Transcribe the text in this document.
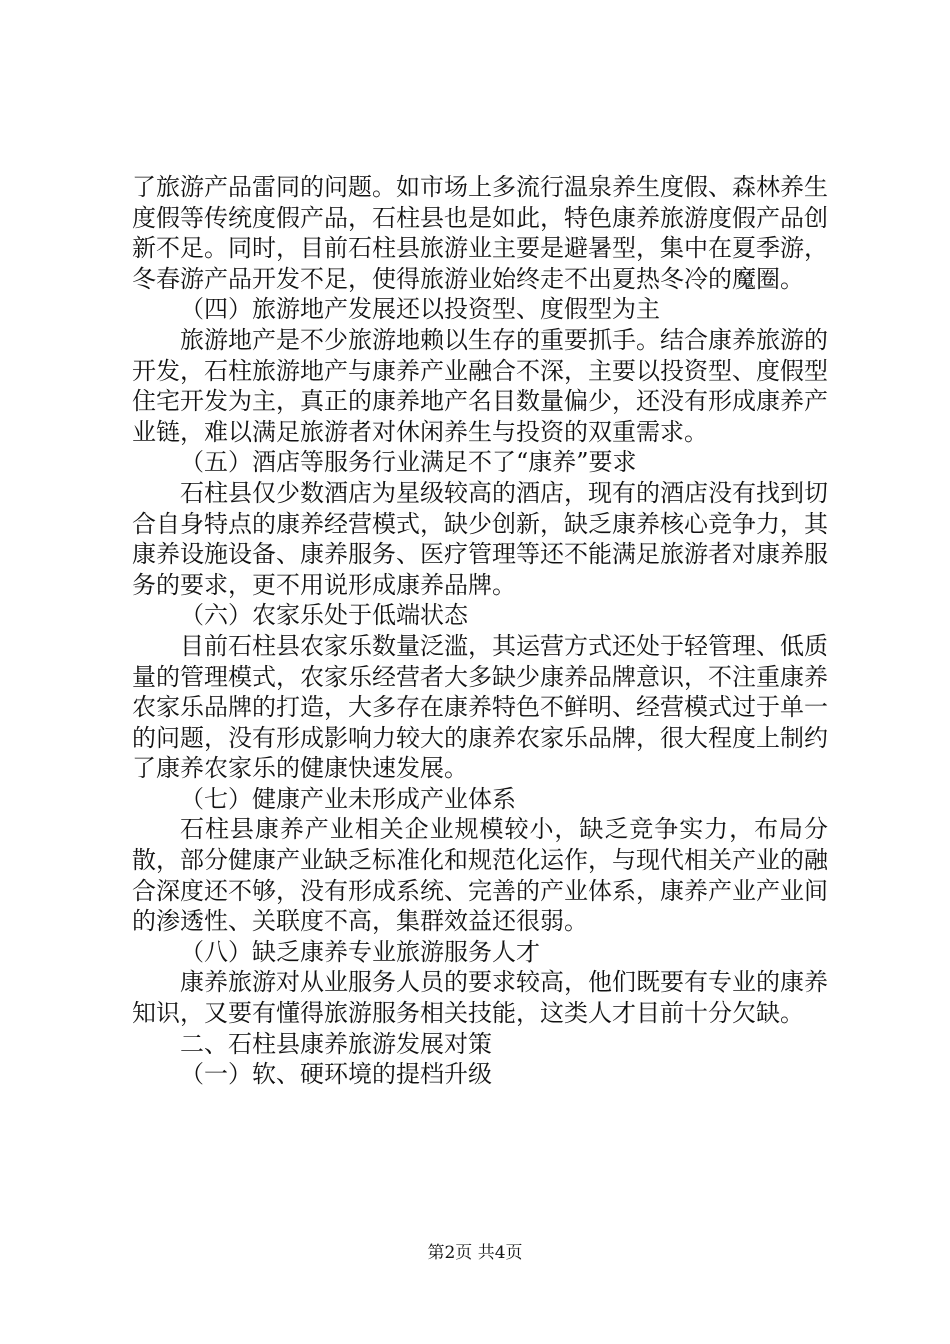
了旅游产品雷同的问题。如市场上多流行温泉养生度假、森林养生度假等传统度假产品，石柱县也是如此，特色康养旅游度假产品创新不足。同时，目前石柱县旅游业主要是避暑型，集中在夏季游，冬春游产品开发不足，使得旅游业始终走不出夏热冬冷的魔圈。

（四）旅游地产发展还以投资型、度假型为主

旅游地产是不少旅游地赖以生存的重要抓手。结合康养旅游的开发，石柱旅游地产与康养产业融合不深，主要以投资型、度假型住宅开发为主，真正的康养地产名目数量偏少，还没有形成康养产业链，难以满足旅游者对休闲养生与投资的双重需求。

（五）酒店等服务行业满足不了“康养”要求

石柱县仅少数酒店为星级较高的酒店，现有的酒店没有找到切合自身特点的康养经营模式，缺少创新，缺乏康养核心竞争力，其康养设施设备、康养服务、医疗管理等还不能满足旅游者对康养服务的要求，更不用说形成康养品牌。

（六）农家乐处于低端状态

目前石柱县农家乐数量泛滥，其运营方式还处于轻管理、低质量的管理模式，农家乐经营者大多缺少康养品牌意识，不注重康养农家乐品牌的打造，大多存在康养特色不鲜明、经营模式过于单一的问题，没有形成影响力较大的康养农家乐品牌，很大程度上制约了康养农家乐的健康快速发展。

（七）健康产业未形成产业体系

石柱县康养产业相关企业规模较小，缺乏竞争实力，布局分散，部分健康产业缺乏标准化和规范化运作，与现代相关产业的融合深度还不够，没有形成系统、完善的产业体系，康养产业产业间的渗透性、关联度不高，集群效益还很弱。

（八）缺乏康养专业旅游服务人才

康养旅游对从业服务人员的要求较高，他们既要有专业的康养知识，又要有懂得旅游服务相关技能，这类人才目前十分欠缺。

二、石柱县康养旅游发展对策

（一）软、硬环境的提档升级

第2页 共4页
